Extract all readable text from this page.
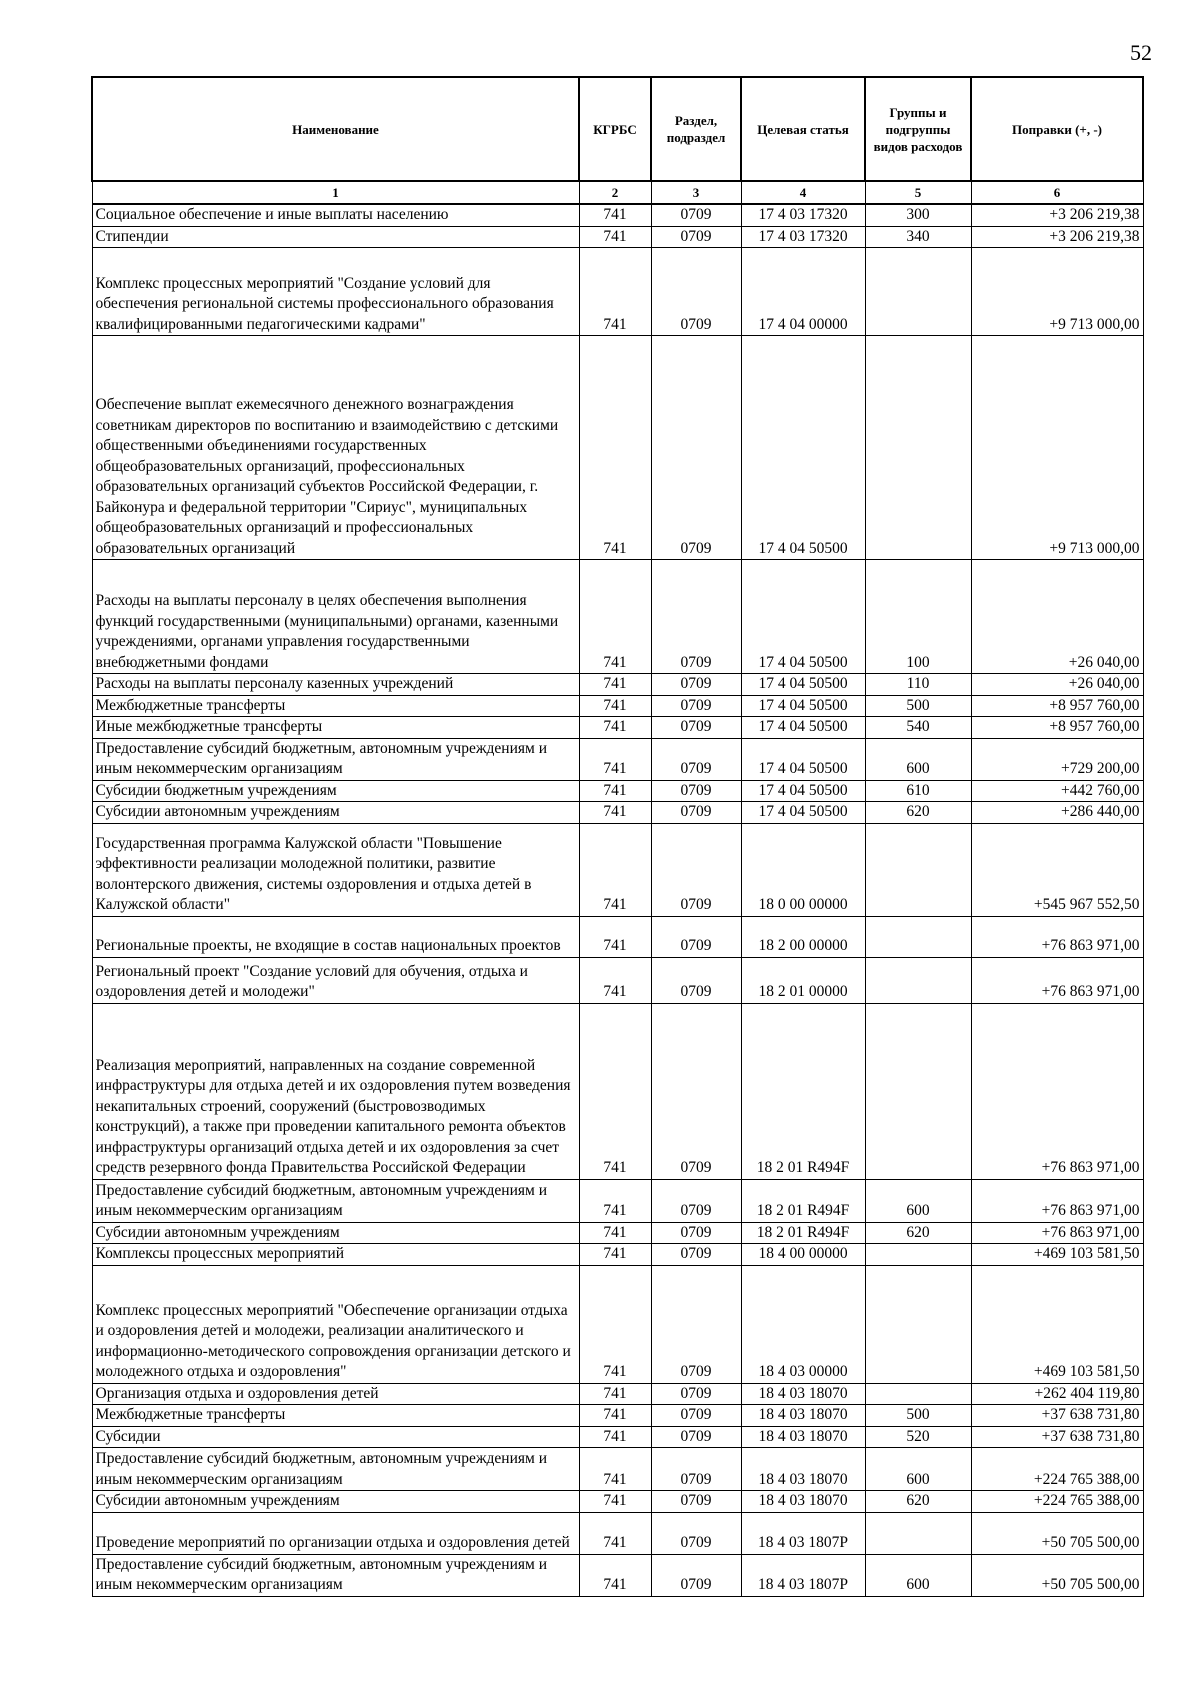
52
Наименование	КГРБС	Раздел, подраздел	Целевая статья	Группы и подгруппы видов расходов	Поправки (+, -)
1	2	3	4	5	6
Социальное обеспечение и иные выплаты населению	741	0709	17 4 03 17320	300	+3 206 219,38
Стипендии	741	0709	17 4 03 17320	340	+3 206 219,38
Комплекс процессных мероприятий "Создание условий для обеспечения региональной системы профессионального образования квалифицированными педагогическими кадрами"	741	0709	17 4 04 00000		+9 713 000,00
Обеспечение выплат ежемесячного денежного вознаграждения советникам директоров по воспитанию и взаимодействию с детскими общественными объединениями государственных общеобразовательных организаций, профессиональных образовательных организаций субъектов Российской Федерации, г. Байконура и федеральной территории "Сириус", муниципальных общеобразовательных организаций и профессиональных образовательных организаций	741	0709	17 4 04 50500		+9 713 000,00
Расходы на выплаты персоналу в целях обеспечения выполнения функций государственными (муниципальными) органами, казенными учреждениями, органами управления государственными внебюджетными фондами	741	0709	17 4 04 50500	100	+26 040,00
Расходы на выплаты персоналу казенных учреждений	741	0709	17 4 04 50500	110	+26 040,00
Межбюджетные трансферты	741	0709	17 4 04 50500	500	+8 957 760,00
Иные межбюджетные трансферты	741	0709	17 4 04 50500	540	+8 957 760,00
Предоставление субсидий бюджетным, автономным учреждениям и иным некоммерческим организациям	741	0709	17 4 04 50500	600	+729 200,00
Субсидии бюджетным учреждениям	741	0709	17 4 04 50500	610	+442 760,00
Субсидии автономным учреждениям	741	0709	17 4 04 50500	620	+286 440,00
Государственная программа Калужской области "Повышение эффективности реализации молодежной политики, развитие волонтерского движения, системы оздоровления и отдыха детей в Калужской области"	741	0709	18 0 00 00000		+545 967 552,50
Региональные проекты, не входящие в состав национальных проектов	741	0709	18 2 00 00000		+76 863 971,00
Региональный проект "Создание условий для обучения, отдыха и оздоровления детей и молодежи"	741	0709	18 2 01 00000		+76 863 971,00
Реализация мероприятий, направленных на создание современной инфраструктуры для отдыха детей и их оздоровления путем возведения некапитальных строений, сооружений (быстровозводимых конструкций), а также при проведении капитального ремонта объектов инфраструктуры организаций отдыха детей и их оздоровления за счет средств резервного фонда Правительства Российской Федерации	741	0709	18 2 01 R494F		+76 863 971,00
Предоставление субсидий бюджетным, автономным учреждениям и иным некоммерческим организациям	741	0709	18 2 01 R494F	600	+76 863 971,00
Субсидии автономным учреждениям	741	0709	18 2 01 R494F	620	+76 863 971,00
Комплексы процессных мероприятий	741	0709	18 4 00 00000		+469 103 581,50
Комплекс процессных мероприятий "Обеспечение организации отдыха и оздоровления детей и молодежи, реализации аналитического и информационно-методического сопровождения организации детского и молодежного отдыха и оздоровления"	741	0709	18 4 03 00000		+469 103 581,50
Организация отдыха и оздоровления детей	741	0709	18 4 03 18070		+262 404 119,80
Межбюджетные трансферты	741	0709	18 4 03 18070	500	+37 638 731,80
Субсидии	741	0709	18 4 03 18070	520	+37 638 731,80
Предоставление субсидий бюджетным, автономным учреждениям и иным некоммерческим организациям	741	0709	18 4 03 18070	600	+224 765 388,00
Субсидии автономным учреждениям	741	0709	18 4 03 18070	620	+224 765 388,00
Проведение мероприятий по организации отдыха и оздоровления детей	741	0709	18 4 03 1807P		+50 705 500,00
Предоставление субсидий бюджетным, автономным учреждениям и иным некоммерческим организациям	741	0709	18 4 03 1807P	600	+50 705 500,00
